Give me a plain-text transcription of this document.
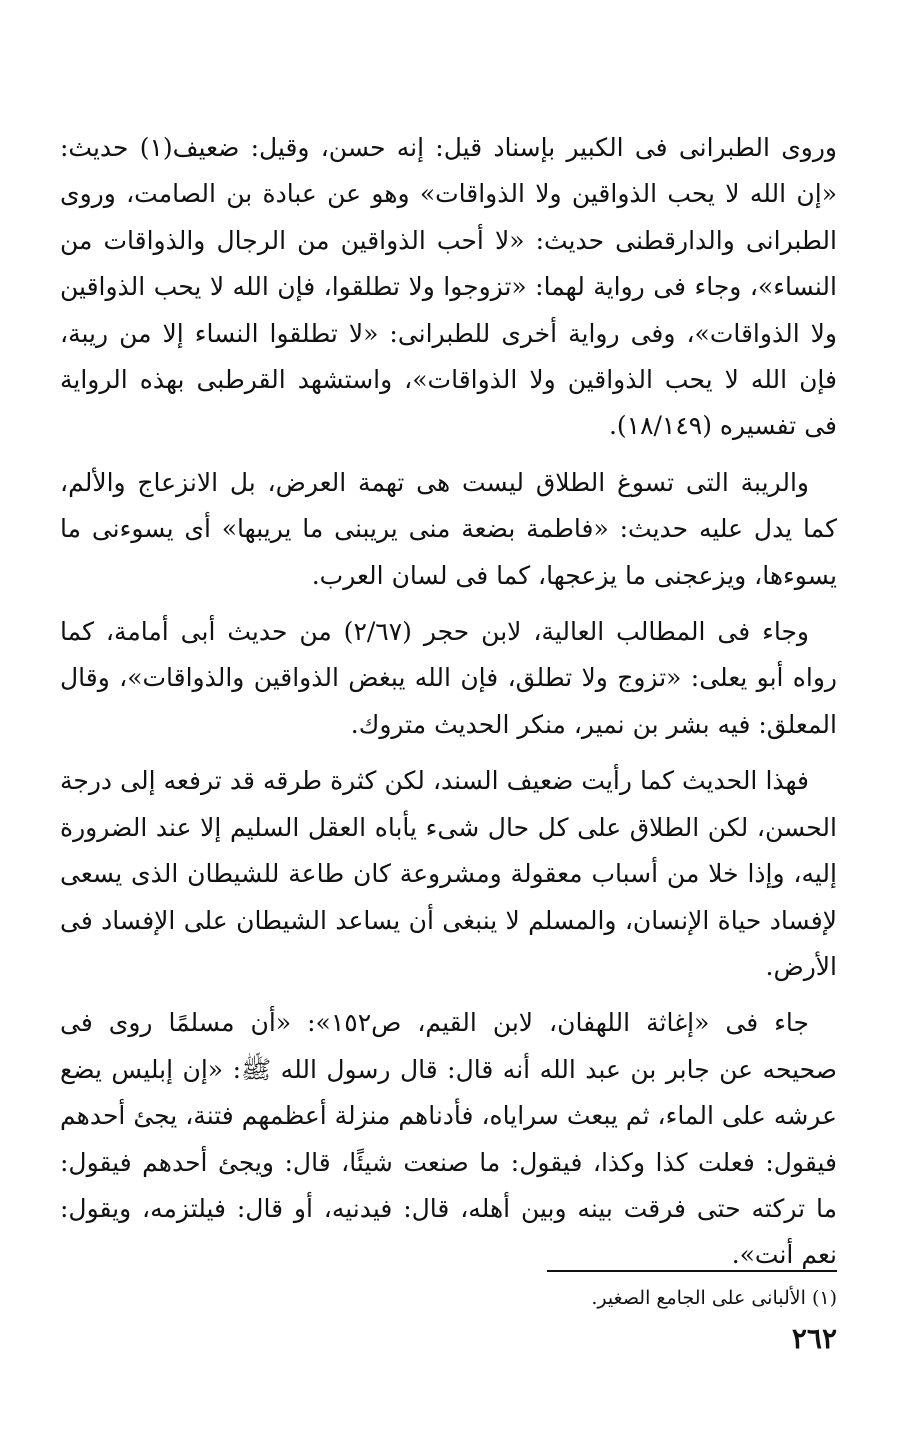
وروى الطبرانى فى الكبير بإسناد قيل: إنه حسن، وقيل: ضعيف(١) حديث: «إن الله لا يحب الذواقين ولا الذواقات» وهو عن عبادة بن الصامت، وروى الطبرانى والدارقطنى حديث: «لا أحب الذواقين من الرجال والذواقات من النساء»، وجاء فى رواية لهما: «تزوجوا ولا تطلقوا، فإن الله لا يحب الذواقين ولا الذواقات»، وفى رواية أخرى للطبرانى: «لا تطلقوا النساء إلا من ريبة، فإن الله لا يحب الذواقين ولا الذواقات»، واستشهد القرطبى بهذه الرواية فى تفسيره (١٨/١٤٩).

والريبة التى تسوغ الطلاق ليست هى تهمة العرض، بل الانزعاج والألم، كما يدل عليه حديث: «فاطمة بضعة منى يريبنى ما يريبها» أى يسوءنى ما يسوءها، ويزعجنى ما يزعجها، كما فى لسان العرب.

وجاء فى المطالب العالية، لابن حجر (٢/٦٧) من حديث أبى أمامة، كما رواه أبو يعلى: «تزوج ولا تطلق، فإن الله يبغض الذواقين والذواقات»، وقال المعلق: فيه بشر بن نمير، منكر الحديث متروك.

فهذا الحديث كما رأيت ضعيف السند، لكن كثرة طرقه قد ترفعه إلى درجة الحسن، لكن الطلاق على كل حال شىء يأباه العقل السليم إلا عند الضرورة إليه، وإذا خلا من أسباب معقولة ومشروعة كان طاعة للشيطان الذى يسعى لإفساد حياة الإنسان، والمسلم لا ينبغى أن يساعد الشيطان على الإفساد فى الأرض.

جاء فى «إغاثة اللهفان، لابن القيم، ص١٥٢»: «أن مسلمًا روى فى صحيحه عن جابر بن عبد الله أنه قال: قال رسول الله ﷺ: «إن إبليس يضع عرشه على الماء، ثم يبعث سراياه، فأدناهم منزلة أعظمهم فتنة، يجئ أحدهم فيقول: فعلت كذا وكذا، فيقول: ما صنعت شيئًا، قال: ويجئ أحدهم فيقول: ما تركته حتى فرقت بينه وبين أهله، قال: فيدنيه، أو قال: فيلتزمه، ويقول: نعم أنت».

(١) الألبانى على الجامع الصغير.
٢٦٢
